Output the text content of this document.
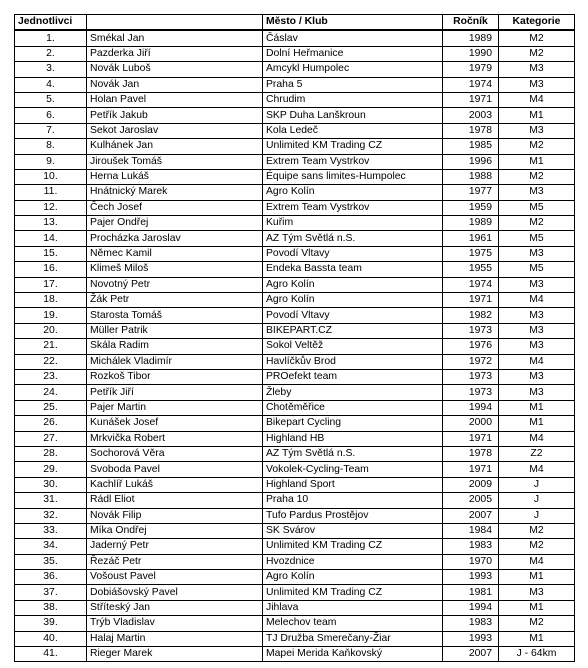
Jednotlivci		Město / Klub	Ročník	Kategorie
1.	Smékal Jan	Čáslav	1989	M2
2.	Pazderka Jiří	Dolní Heřmanice	1990	M2
3.	Novák Luboš	Amcykl Humpolec	1979	M3
4.	Novák Jan	Praha 5	1974	M3
5.	Holan Pavel	Chrudim	1971	M4
6.	Petřík Jakub	SKP Duha Lanškroun	2003	M1
7.	Sekot Jaroslav	Kola Ledeč	1978	M3
8.	Kulhánek Jan	Unlimited KM Trading CZ	1985	M2
9.	Jiroušek Tomáš	Extrem Team Vystrkov	1996	M1
10.	Herna Lukáš	Équipe sans limites-Humpolec	1988	M2
11.	Hnátnický Marek	Agro Kolín	1977	M3
12.	Čech Josef	Extrem Team Vystrkov	1959	M5
13.	Pajer Ondřej	Kuřim	1989	M2
14.	Procházka Jaroslav	AZ Tým Světlá n.S.	1961	M5
15.	Němec Kamil	Povodí Vltavy	1975	M3
16.	Klimeš Miloš	Endeka Bassta team	1955	M5
17.	Novotný Petr	Agro Kolín	1974	M3
18.	Žák Petr	Agro Kolín	1971	M4
19.	Starosta Tomáš	Povodí Vltavy	1982	M3
20.	Müller Patrik	BIKEPART.CZ	1973	M3
21.	Skála Radim	Sokol Veltěž	1976	M3
22.	Michálek Vladimír	Havlíčkův Brod	1972	M4
23.	Rozkoš Tibor	PROefekt team	1973	M3
24.	Petřík Jiří	Žleby	1973	M3
25.	Pajer Martin	Chotěměřice	1994	M1
26.	Kunášek Josef	Bikepart Cycling	2000	M1
27.	Mrkvička Robert	Highland HB	1971	M4
28.	Sochorová Věra	AZ Tým Světlá n.S.	1978	Z2
29.	Svoboda Pavel	Vokolek-Cycling-Team	1971	M4
30.	Kachlíř Lukáš	Highland Sport	2009	J
31.	Rádl Eliot	Praha 10	2005	J
32.	Novák Filip	Tufo Pardus Prostějov	2007	J
33.	Míka Ondřej	SK Svárov	1984	M2
34.	Jaderný Petr	Unlimited KM Trading CZ	1983	M2
35.	Řezáč Petr	Hvozdnice	1970	M4
36.	Vošoust Pavel	Agro Kolín	1993	M1
37.	Dobiášovský Pavel	Unlimited KM Trading CZ	1981	M3
38.	Stříteský Jan	Jihlava	1994	M1
39.	Trýb Vladislav	Melechov team	1983	M2
40.	Halaj Martin	TJ Družba Smerečany-Žiar	1993	M1
41.	Rieger Marek	Mapei Merida Kaňkovský	2007	J - 64km
